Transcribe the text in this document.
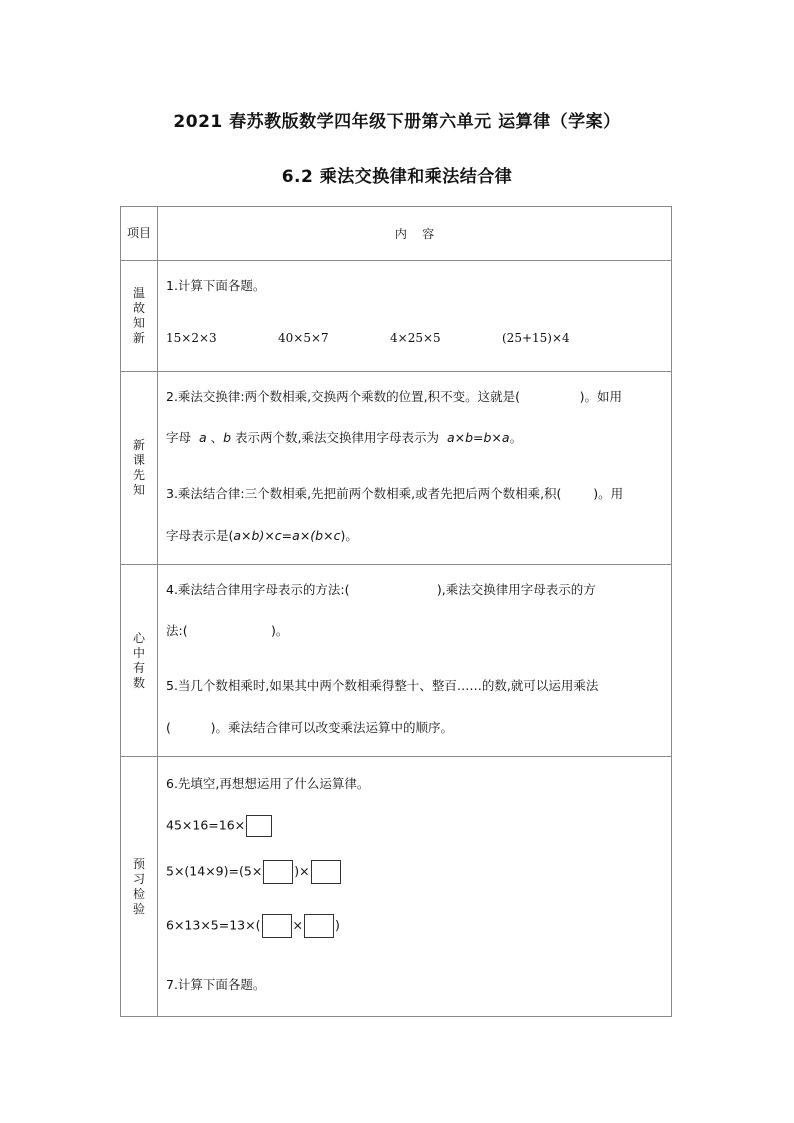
2021 春苏教版数学四年级下册第六单元 运算律（学案）
6.2 乘法交换律和乘法结合律
项目	内    容
温故知新	1.计算下面各题。
15×2×3 40×5×7 4×25×5 (25+15)×4

新课先知	2.乘法交换律:两个数相乘,交换两个乘数的位置,积不变。这就是(               )。如用
字母  a 、b 表示两个数,乘法交换律用字母表示为  a×b=b×a。
3.乘法结合律:三个数相乘,先把前两个数相乘,或者先把后两个数相乘,积(        )。用
字母表示是(a×b)×c=a×(b×c)。

心中有数	4.乘法结合律用字母表示的方法:(                      ),乘法交换律用字母表示的方
法:(                     )。
5.当几个数相乘时,如果其中两个数相乘得整十、整百……的数,就可以运用乘法
(          )。乘法结合律可以改变乘法运算中的顺序。

预习检验	6.先填空,再想想运用了什么运算律。
45×16=16×
5×(14×9)=(5× )×
6×13×5=13×( × )
7.计算下面各题。
